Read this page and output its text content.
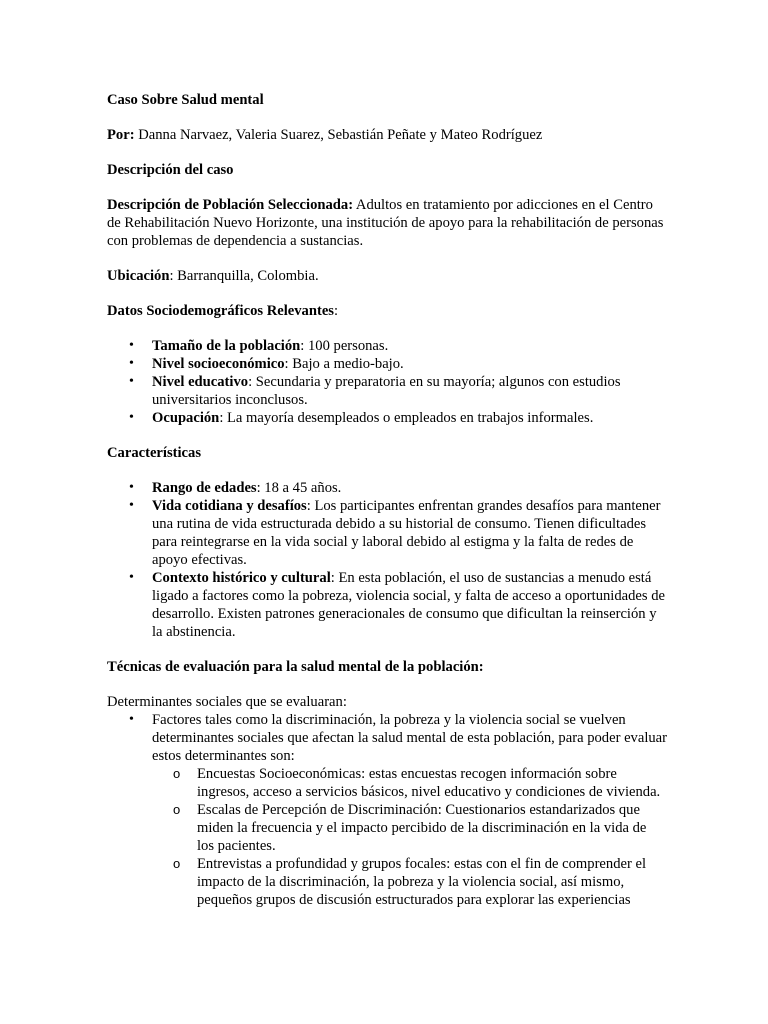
Caso Sobre Salud mental

Por: Danna Narvaez, Valeria Suarez, Sebastián Peñate y Mateo Rodríguez

Descripción del caso

Descripción de Población Seleccionada: Adultos en tratamiento por adicciones en el Centro de Rehabilitación Nuevo Horizonte, una institución de apoyo para la rehabilitación de personas con problemas de dependencia a sustancias.

Ubicación: Barranquilla, Colombia.

Datos Sociodemográficos Relevantes:

• Tamaño de la población: 100 personas.
• Nivel socioeconómico: Bajo a medio-bajo.
• Nivel educativo: Secundaria y preparatoria en su mayoría; algunos con estudios universitarios inconclusos.
• Ocupación: La mayoría desempleados o empleados en trabajos informales.

Características

• Rango de edades: 18 a 45 años.
• Vida cotidiana y desafíos: Los participantes enfrentan grandes desafíos para mantener una rutina de vida estructurada debido a su historial de consumo. Tienen dificultades para reintegrarse en la vida social y laboral debido al estigma y la falta de redes de apoyo efectivas.
• Contexto histórico y cultural: En esta población, el uso de sustancias a menudo está ligado a factores como la pobreza, violencia social, y falta de acceso a oportunidades de desarrollo. Existen patrones generacionales de consumo que dificultan la reinserción y la abstinencia.

Técnicas de evaluación para la salud mental de la población:

Determinantes sociales que se evaluaran:

• Factores tales como la discriminación, la pobreza y la violencia social se vuelven determinantes sociales que afectan la salud mental de esta población, para poder evaluar estos determinantes son:
o Encuestas Socioeconómicas: estas encuestas recogen información sobre ingresos, acceso a servicios básicos, nivel educativo y condiciones de vivienda.
o Escalas de Percepción de Discriminación: Cuestionarios estandarizados que miden la frecuencia y el impacto percibido de la discriminación en la vida de los pacientes.
o Entrevistas a profundidad y grupos focales: estas con el fin de comprender el impacto de la discriminación, la pobreza y la violencia social, así mismo, pequeños grupos de discusión estructurados para explorar las experiencias
